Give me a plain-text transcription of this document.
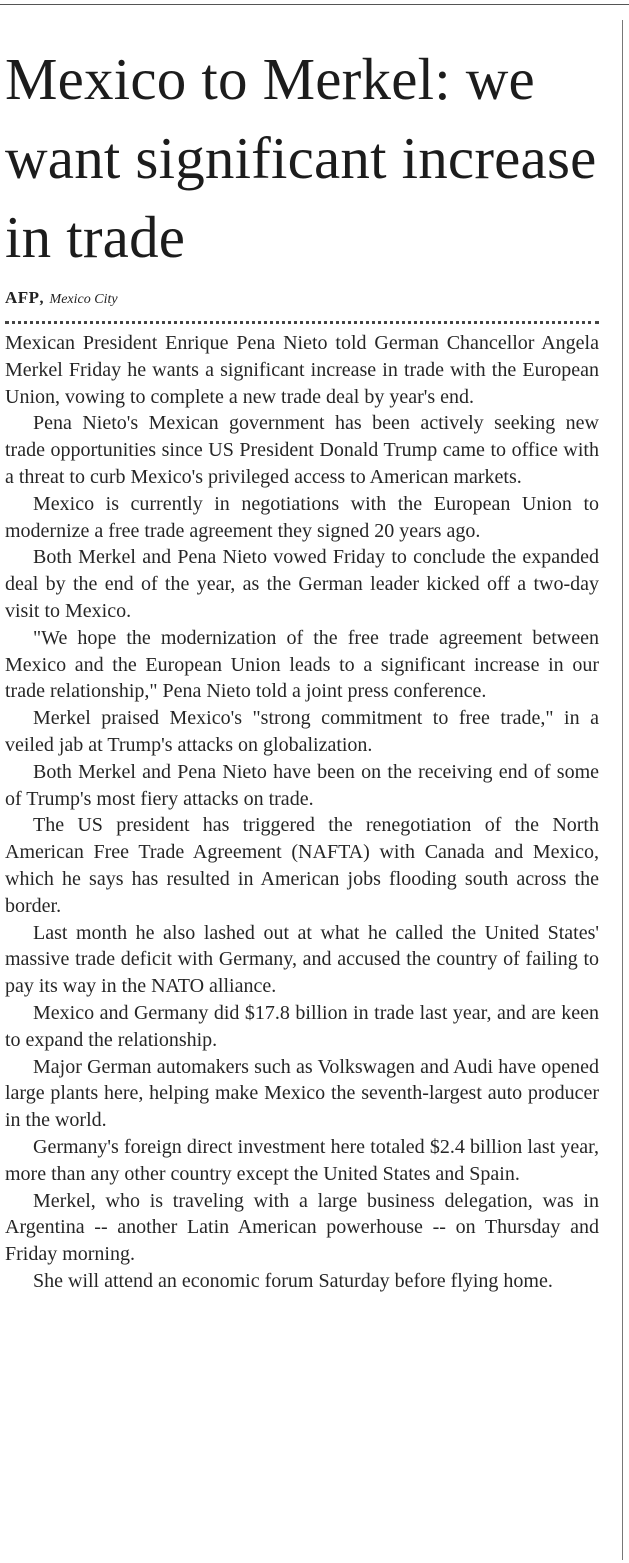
Mexico to Merkel: we want significant increase in trade
AFP, Mexico City

Mexican President Enrique Pena Nieto told German Chancellor Angela Merkel Friday he wants a significant increase in trade with the European Union, vowing to complete a new trade deal by year's end.

Pena Nieto's Mexican government has been actively seeking new trade opportunities since US President Donald Trump came to office with a threat to curb Mexico's privileged access to American markets.

Mexico is currently in negotiations with the European Union to modernize a free trade agreement they signed 20 years ago.

Both Merkel and Pena Nieto vowed Friday to conclude the expanded deal by the end of the year, as the German leader kicked off a two-day visit to Mexico.

"We hope the modernization of the free trade agreement between Mexico and the European Union leads to a significant increase in our trade relationship," Pena Nieto told a joint press conference.

Merkel praised Mexico's "strong commitment to free trade," in a veiled jab at Trump's attacks on globalization.

Both Merkel and Pena Nieto have been on the receiving end of some of Trump's most fiery attacks on trade.

The US president has triggered the renegotiation of the North American Free Trade Agreement (NAFTA) with Canada and Mexico, which he says has resulted in American jobs flooding south across the border.

Last month he also lashed out at what he called the United States' massive trade deficit with Germany, and accused the country of failing to pay its way in the NATO alliance.

Mexico and Germany did $17.8 billion in trade last year, and are keen to expand the relationship.

Major German automakers such as Volkswagen and Audi have opened large plants here, helping make Mexico the seventh-largest auto producer in the world.

Germany's foreign direct investment here totaled $2.4 billion last year, more than any other country except the United States and Spain.

Merkel, who is traveling with a large business delegation, was in Argentina -- another Latin American powerhouse -- on Thursday and Friday morning.

She will attend an economic forum Saturday before flying home.
